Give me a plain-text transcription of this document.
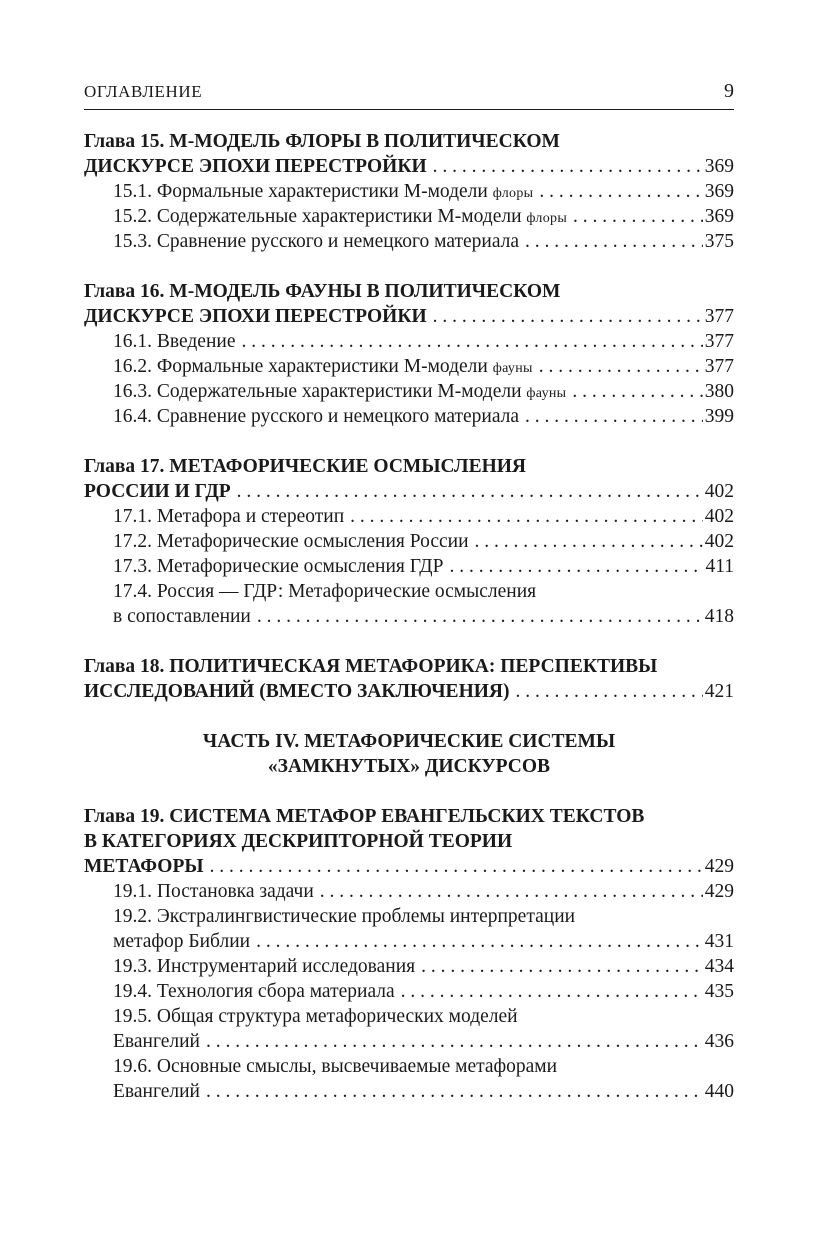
ОГЛАВЛЕНИЕ	9
Глава 15. М-МОДЕЛЬ ФЛОРЫ В ПОЛИТИЧЕСКОМ
ДИСКУРСЕ ЭПОХИ ПЕРЕСТРОЙКИ . . .	369
15.1. Формальные характеристики М-модели флоры . . .	369
15.2. Содержательные характеристики М-модели флоры . . .	369
15.3. Сравнение русского и немецкого материала . . .	375
Глава 16. М-МОДЕЛЬ ФАУНЫ В ПОЛИТИЧЕСКОМ
ДИСКУРСЕ ЭПОХИ ПЕРЕСТРОЙКИ . . .	377
16.1. Введение . . .	377
16.2. Формальные характеристики М-модели фауны . . .	377
16.3. Содержательные характеристики М-модели фауны . . .	380
16.4. Сравнение русского и немецкого материала . . .	399
Глава 17. МЕТАФОРИЧЕСКИЕ ОСМЫСЛЕНИЯ
РОССИИ И ГДР . . .	402
17.1. Метафора и стереотип . . .	402
17.2. Метафорические осмысления России . . .	402
17.3. Метафорические осмысления ГДР . . .	411
17.4. Россия — ГДР: Метафорические осмысления
в сопоставлении . . .	418
Глава 18. ПОЛИТИЧЕСКАЯ МЕТАФОРИКА: ПЕРСПЕКТИВЫ
ИССЛЕДОВАНИЙ (ВМЕСТО ЗАКЛЮЧЕНИЯ) . . .	421
ЧАСТЬ IV. МЕТАФОРИЧЕСКИЕ СИСТЕМЫ
«ЗАМКНУТЫХ» ДИСКУРСОВ
Глава 19. СИСТЕМА МЕТАФОР ЕВАНГЕЛЬСКИХ ТЕКСТОВ
В КАТЕГОРИЯХ ДЕСКРИПТОРНОЙ ТЕОРИИ
МЕТАФОРЫ . . .	429
19.1. Постановка задачи . . .	429
19.2. Экстралингвистические проблемы интерпретации
метафор Библии . . .	431
19.3. Инструментарий исследования . . .	434
19.4. Технология сбора материала . . .	435
19.5. Общая структура метафорических моделей
Евангелий . . .	436
19.6. Основные смыслы, высвечиваемые метафорами
Евангелий . . .	440
